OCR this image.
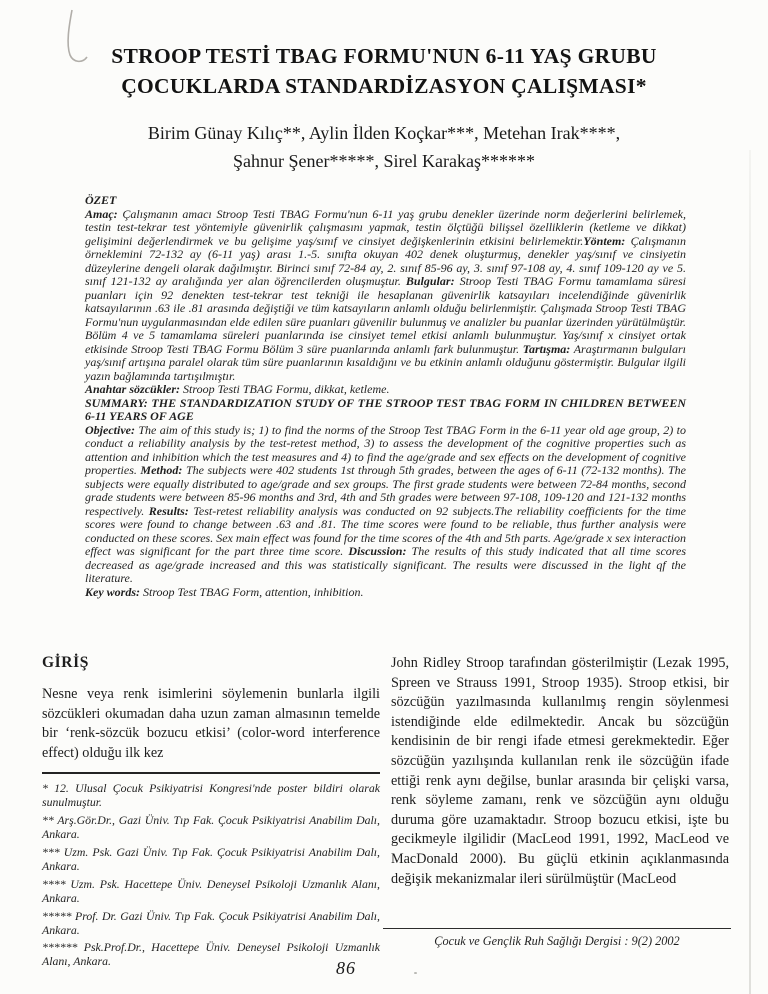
STROOP TESTİ TBAG FORMU'NUN 6-11 YAŞ GRUBU
ÇOCUKLARDA STANDARDİZASYON ÇALIŞMASI*
Birim Günay Kılıç**, Aylin İlden Koçkar***, Metehan Irak****,
Şahnur Şener*****, Sirel Karakaş******
ÖZET
Amaç: Çalışmanın amacı Stroop Testi TBAG Formu'nun 6-11 yaş grubu denekler üzerinde norm değerlerini belirlemek, testin test-tekrar test yöntemiyle güvenirlik çalışmasını yapmak, testin ölçtüğü bilişsel özelliklerin (ketleme ve dikkat) gelişimini değerlendirmek ve bu gelişime yaş/sınıf ve cinsiyet değişkenlerinin etkisini belirlemektir.Yöntem: Çalışmanın örneklemini 72-132 ay (6-11 yaş) arası 1.-5. sınıfta okuyan 402 denek oluşturmuş, denekler yaş/sınıf ve cinsiyetin düzeylerine dengeli olarak dağılmıştır. Birinci sınıf 72-84 ay, 2. sınıf 85-96 ay, 3. sınıf 97-108 ay, 4. sınıf 109-120 ay ve 5. sınıf 121-132 ay aralığında yer alan öğrencilerden oluşmuştur. Bulgular: Stroop Testi TBAG Formu tamamlama süresi puanları için 92 denekten test-tekrar test tekniği ile hesaplanan güvenirlik katsayıları incelendiğinde güvenirlik katsayılarının .63 ile .81 arasında değiştiği ve tüm katsayıların anlamlı olduğu belirlenmiştir. Çalışmada Stroop Testi TBAG Formu'nun uygulanmasından elde edilen süre puanları güvenilir bulunmuş ve analizler bu puanlar üzerinden yürütülmüştür. Bölüm 4 ve 5 tamamlama süreleri puanlarında ise cinsiyet temel etkisi anlamlı bulunmuştur. Yaş/sınıf x cinsiyet ortak etkisinde Stroop Testi TBAG Formu Bölüm 3 süre puanlarında anlamlı fark bulunmuştur. Tartışma: Araştırmanın bulguları yaş/sınıf artışına paralel olarak tüm süre puanlarının kısaldığını ve bu etkinin anlamlı olduğunu göstermiştir. Bulgular ilgili yazın bağlamında tartışılmıştır.
Anahtar sözcükler: Stroop Testi TBAG Formu, dikkat, ketleme.
SUMMARY: THE STANDARDIZATION STUDY OF THE STROOP TEST TBAG FORM IN CHILDREN BETWEEN 6-11 YEARS OF AGE
Objective: The aim of this study is; 1) to find the norms of the Stroop Test TBAG Form in the 6-11 year old age group, 2) to conduct a reliability analysis by the test-retest method, 3) to assess the development of the cognitive properties such as attention and inhibition which the test measures and 4) to find the age/grade and sex effects on the development of cognitive properties. Method: The subjects were 402 students 1st through 5th grades, between the ages of 6-11 (72-132 months). The subjects were equally distributed to age/grade and sex groups. The first grade students were between 72-84 months, second grade students were between 85-96 months and 3rd, 4th and 5th grades were between 97-108, 109-120 and 121-132 months respectively. Results: Test-retest reliability analysis was conducted on 92 subjects.The reliability coefficients for the time scores were found to change between .63 and .81. The time scores were found to be reliable, thus further analysis were conducted on these scores. Sex main effect was found for the time scores of the 4th and 5th parts. Age/grade x sex interaction effect was significant for the part three time score. Discussion: The results of this study indicated that all time scores decreased as age/grade increased and this was statistically significant. The results were discussed in the light qf the literature.
Key words: Stroop Test TBAG Form, attention, inhibition.
GİRİŞ

Nesne veya renk isimlerini söylemenin bunlarla ilgili sözcükleri okumadan daha uzun zaman almasının temelde bir ‘renk-sözcük bozucu etkisi’ (color-word interference effect) olduğu ilk kez

* 12. Ulusal Çocuk Psikiyatrisi Kongresi'nde poster bildiri olarak sunulmuştur.

** Arş.Gör.Dr., Gazi Üniv. Tıp Fak. Çocuk Psikiyatrisi Anabilim Dalı, Ankara.

*** Uzm. Psk. Gazi Üniv. Tıp Fak. Çocuk Psikiyatrisi Anabilim Dalı, Ankara.

**** Uzm. Psk. Hacettepe Üniv. Deneysel Psikoloji Uzmanlık Alanı, Ankara.

***** Prof. Dr. Gazi Üniv. Tıp Fak. Çocuk Psikiyatrisi Anabilim Dalı, Ankara.

****** Psk.Prof.Dr., Hacettepe Üniv. Deneysel Psikoloji Uzmanlık Alanı, Ankara.

John Ridley Stroop tarafından gösterilmiştir (Lezak 1995, Spreen ve Strauss 1991, Stroop 1935). Stroop etkisi, bir sözcüğün yazılmasında kullanılmış rengin söylenmesi istendiğinde elde edilmektedir. Ancak bu sözcüğün kendisinin de bir rengi ifade etmesi gerekmektedir. Eğer sözcüğün yazılışında kullanılan renk ile sözcüğün ifade ettiği renk aynı değilse, bunlar arasında bir çelişki varsa, renk söyleme zamanı, renk ve sözcüğün aynı olduğu duruma göre uzamaktadır. Stroop bozucu etkisi, işte bu gecikmeyle ilgilidir (MacLeod 1991, 1992, MacLeod ve MacDonald 2000). Bu güçlü etkinin açıklanmasında değişik mekanizmalar ileri sürülmüştür (MacLeod

Çocuk ve Gençlik Ruh Sağlığı Dergisi : 9(2) 2002
86
